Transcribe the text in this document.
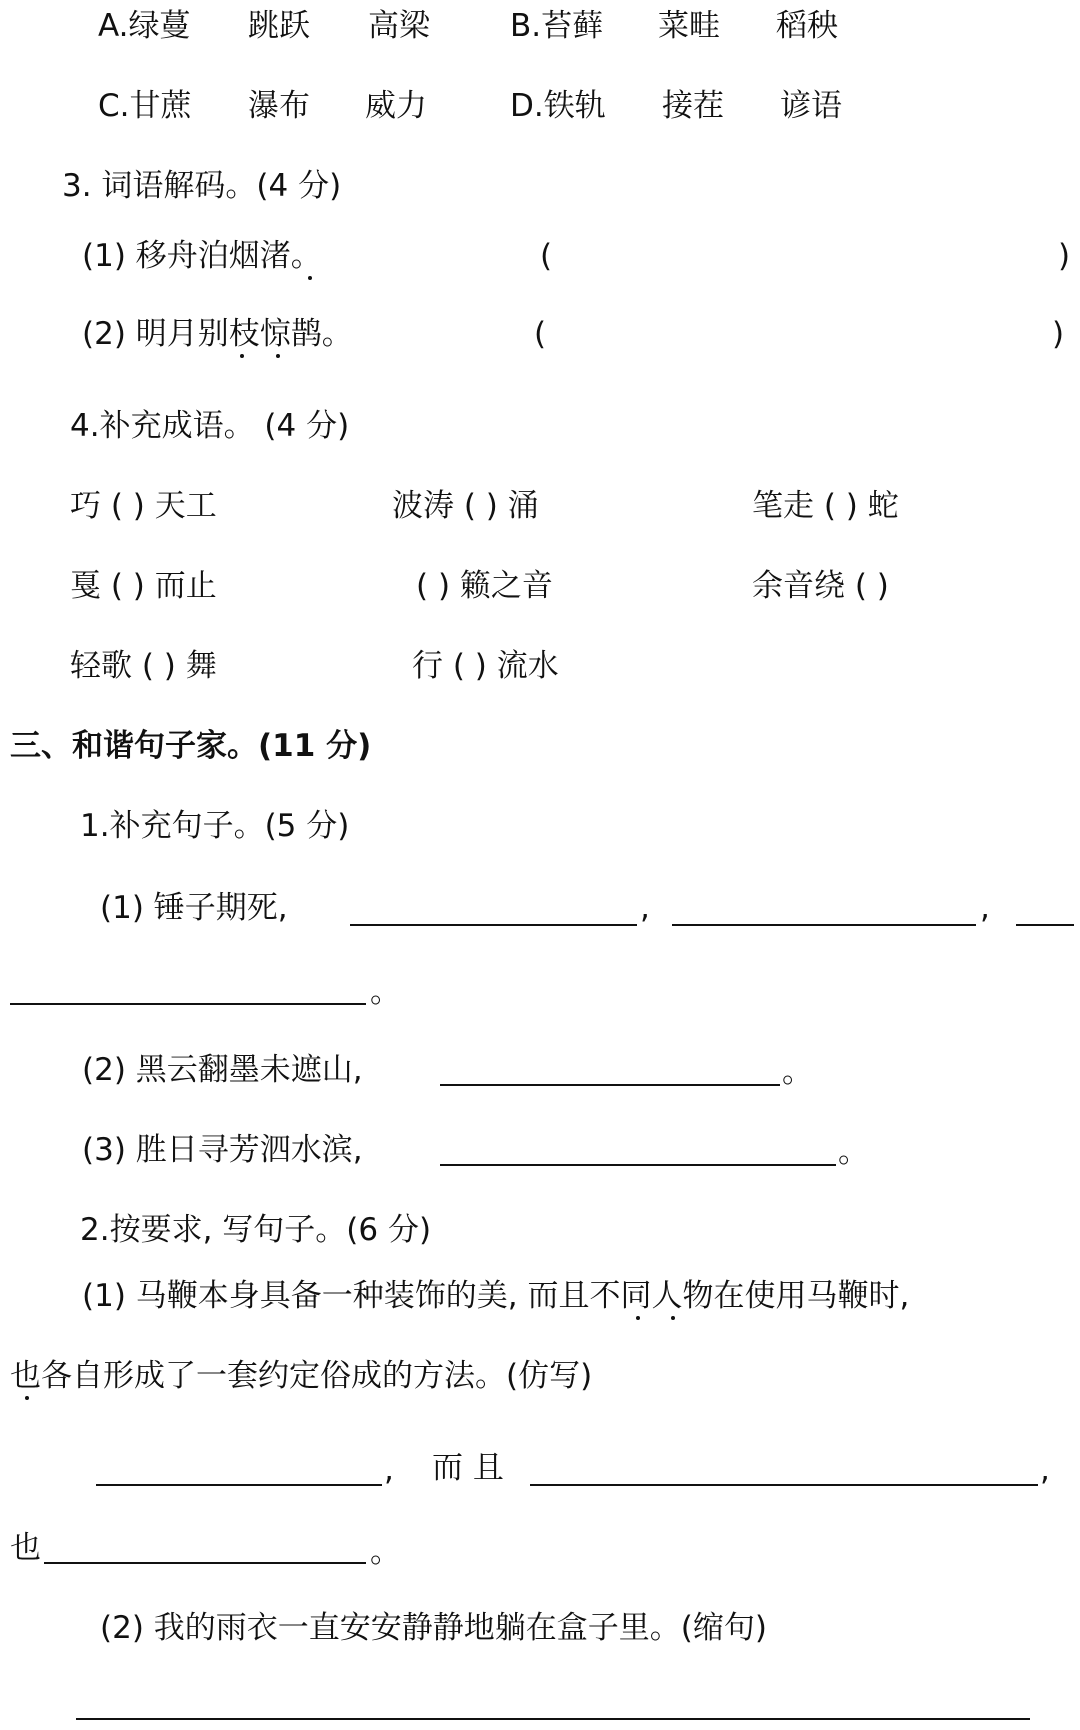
A.绿蔓 跳跃 高梁	B.苔藓 菜畦 稻秧
C.甘蔗 瀑布 威力	D.铁轨 接茬 谚语
3. 词语解码。(4 分)
(1) 移舟泊烟渚。	(	)
(2) 明月别枝惊鹊。	(	)
4.补充成语。 (4 分)
巧 ( ) 天工	波涛 ( ) 涌	笔走 ( ) 蛇
戛 ( ) 而止	( ) 籁之音	余音绕 ( )
轻歌 ( ) 舞	行 ( ) 流水
三、和谐句子家。(11 分)
1.补充句子。(5 分)
(1) 锤子期死,	,	,
。
(2) 黑云翻墨未遮山,	。
(3) 胜日寻芳泗水滨,	。
2.按要求, 写句子。(6 分)
(1) 马鞭本身具备一种装饰的美, 而且不同人物在使用马鞭时,
也各自形成了一套约定俗成的方法。(仿写)
, 而 且	,
也	。
(2) 我的雨衣一直安安静静地躺在盒子里。(缩句)
